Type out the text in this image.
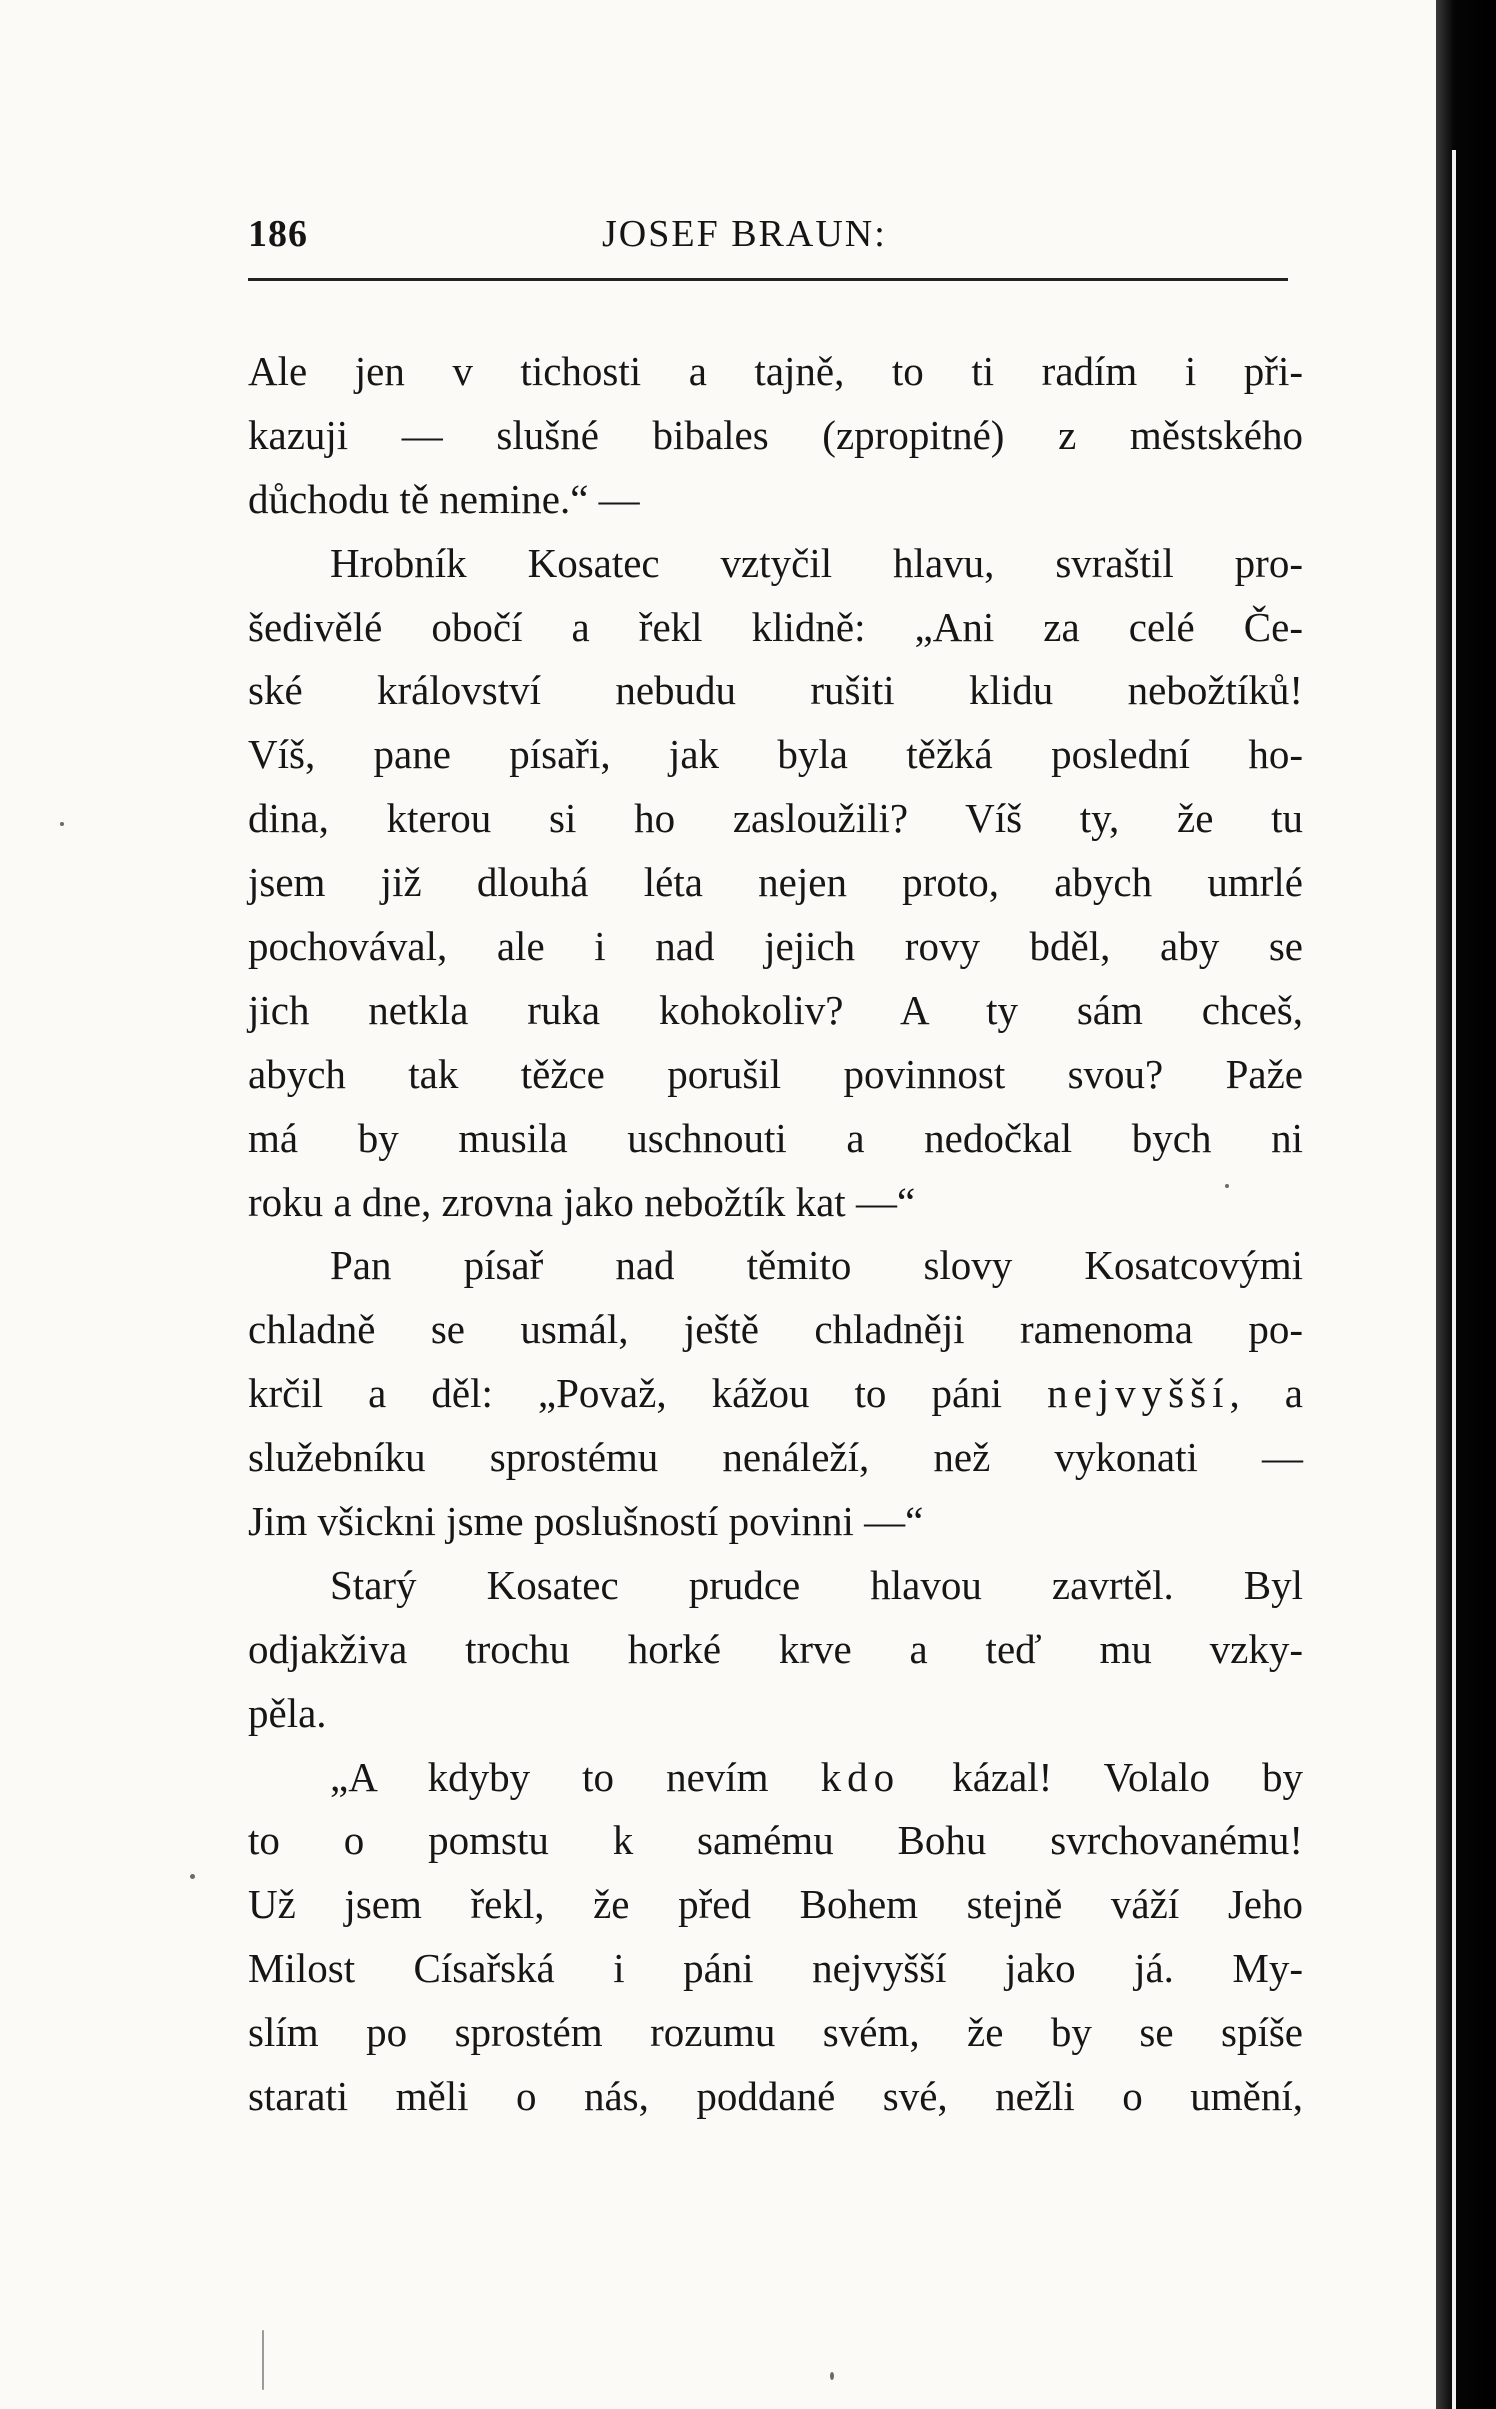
186	JOSEF BRAUN:
Ale jen v tichosti a tajně, to ti radím i při-
kazuji — slušné bibales (zpropitné) z městského
důchodu tě nemine.“ —
Hrobník Kosatec vztyčil hlavu, svraštil pro-
šedivělé obočí a řekl klidně: „Ani za celé Če-
ské království nebudu rušiti klidu nebožtíků!
Víš, pane písaři, jak byla těžká poslední ho-
dina, kterou si ho zasloužili? Víš ty, že tu
jsem již dlouhá léta nejen proto, abych umrlé
pochovával, ale i nad jejich rovy bděl, aby se
jich netkla ruka kohokoliv? A ty sám chceš,
abych tak těžce porušil povinnost svou? Paže
má by musila uschnouti a nedočkal bych ni
roku a dne, zrovna jako nebožtík kat —“
Pan písař nad těmito slovy Kosatcovými
chladně se usmál, ještě chladněji ramenoma po-
krčil a děl: „Považ, kážou to páni nejvyšší, a
služebníku sprostému nenáleží, než vykonati —
Jim všickni jsme poslušností povinni —“
Starý Kosatec prudce hlavou zavrtěl. Byl
odjakživa trochu horké krve a teď mu vzky-
pěla.
„A kdyby to nevím kdo kázal! Volalo by
to o pomstu k samému Bohu svrchovanému!
Už jsem řekl, že před Bohem stejně váží Jeho
Milost Císařská i páni nejvyšší jako já. My-
slím po sprostém rozumu svém, že by se spíše
starati měli o nás, poddané své, nežli o umění,
